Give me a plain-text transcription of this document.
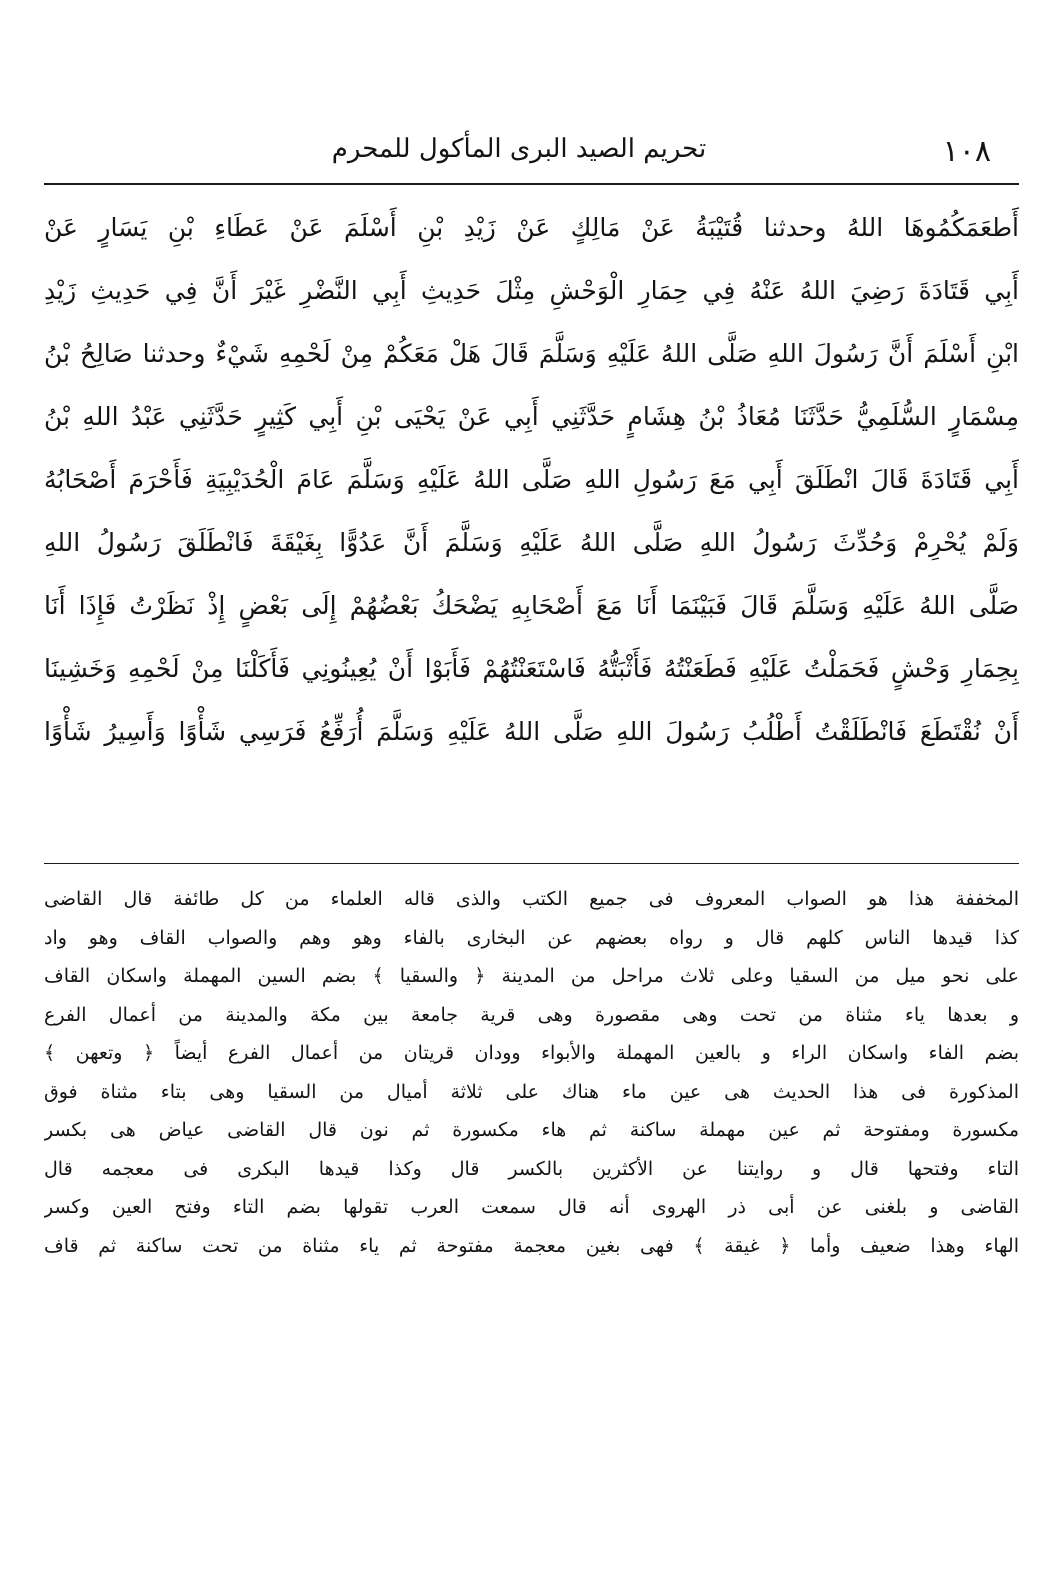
١٠٨
تحريم الصيد البرى المأكول للمحرم
أَطعَمَكُمُوهَا اللهُ وحدثنا قُتَيْبَةُ عَنْ مَالِكٍ عَنْ زَيْدِ بْنِ أَسْلَمَ عَنْ عَطَاءِ بْنِ يَسَارٍ عَنْ
أَبِي قَتَادَةَ رَضِيَ اللهُ عَنْهُ فِي حِمَارِ الْوَحْشِ مِثْلَ حَدِيثِ أَبِي النَّضْرِ غَيْرَ أَنَّ فِي حَدِيثِ زَيْدِ
ابْنِ أَسْلَمَ أَنَّ رَسُولَ اللهِ صَلَّى اللهُ عَلَيْهِ وَسَلَّمَ قَالَ هَلْ مَعَكُمْ مِنْ لَحْمِهِ شَيْءٌ وحدثنا صَالِحُ بْنُ
مِسْمَارٍ السُّلَمِيُّ حَدَّثَنَا مُعَاذُ بْنُ هِشَامٍ حَدَّثَنِي أَبِي عَنْ يَحْيَى بْنِ أَبِي كَثِيرٍ حَدَّثَنِي عَبْدُ اللهِ بْنُ
أَبِي قَتَادَةَ قَالَ انْطَلَقَ أَبِي مَعَ رَسُولِ اللهِ صَلَّى اللهُ عَلَيْهِ وَسَلَّمَ عَامَ الْحُدَيْبِيَةِ فَأَحْرَمَ أَصْحَابُهُ
وَلَمْ يُحْرِمْ وَحُدِّثَ رَسُولُ اللهِ صَلَّى اللهُ عَلَيْهِ وَسَلَّمَ أَنَّ عَدُوًّا بِغَيْقَةَ فَانْطَلَقَ رَسُولُ اللهِ
صَلَّى اللهُ عَلَيْهِ وَسَلَّمَ قَالَ فَبَيْنَمَا أَنَا مَعَ أَصْحَابِهِ يَضْحَكُ بَعْضُهُمْ إِلَى بَعْضٍ إِذْ نَظَرْتُ فَإِذَا أَنَا
بِحِمَارِ وَحْشٍ فَحَمَلْتُ عَلَيْهِ فَطَعَنْتُهُ فَأَثْبَتُّهُ فَاسْتَعَنْتُهُمْ فَأَبَوْا أَنْ يُعِينُونِي فَأَكَلْنَا مِنْ لَحْمِهِ وَخَشِينَا
أَنْ نُقْتَطَعَ فَانْطَلَقْتُ أَطْلُبُ رَسُولَ اللهِ صَلَّى اللهُ عَلَيْهِ وَسَلَّمَ أُرَفِّعُ فَرَسِي شَأْوًا وَأَسِيرُ شَأْوًا
المخففة هذا هو الصواب المعروف فى جميع الكتب والذى قاله العلماء من كل طائفة قال القاضى
كذا قيدها الناس كلهم قال و رواه بعضهم عن البخارى بالفاء وهو وهم والصواب القاف وهو واد
على نحو ميل من السقيا وعلى ثلاث مراحل من المدينة ﴿ والسقيا ﴾ بضم السين المهملة واسكان القاف
و بعدها ياء مثناة من تحت وهى مقصورة وهى قرية جامعة بين مكة والمدينة من أعمال الفرع
بضم الفاء واسكان الراء و بالعين المهملة والأبواء وودان قريتان من أعمال الفرع أيضاً ﴿ وتعهن ﴾
المذكورة فى هذا الحديث هى عين ماء هناك على ثلاثة أميال من السقيا وهى بتاء مثناة فوق
مكسورة ومفتوحة ثم عين مهملة ساكنة ثم هاء مكسورة ثم نون قال القاضى عياض هى بكسر
التاء وفتحها قال و روايتنا عن الأكثرين بالكسر قال وكذا قيدها البكرى فى معجمه قال
القاضى و بلغنى عن أبى ذر الهروى أنه قال سمعت العرب تقولها بضم التاء وفتح العين وكسر
الهاء وهذا ضعيف وأما ﴿ غيقة ﴾ فهى بغين معجمة مفتوحة ثم ياء مثناة من تحت ساكنة ثم قاف
